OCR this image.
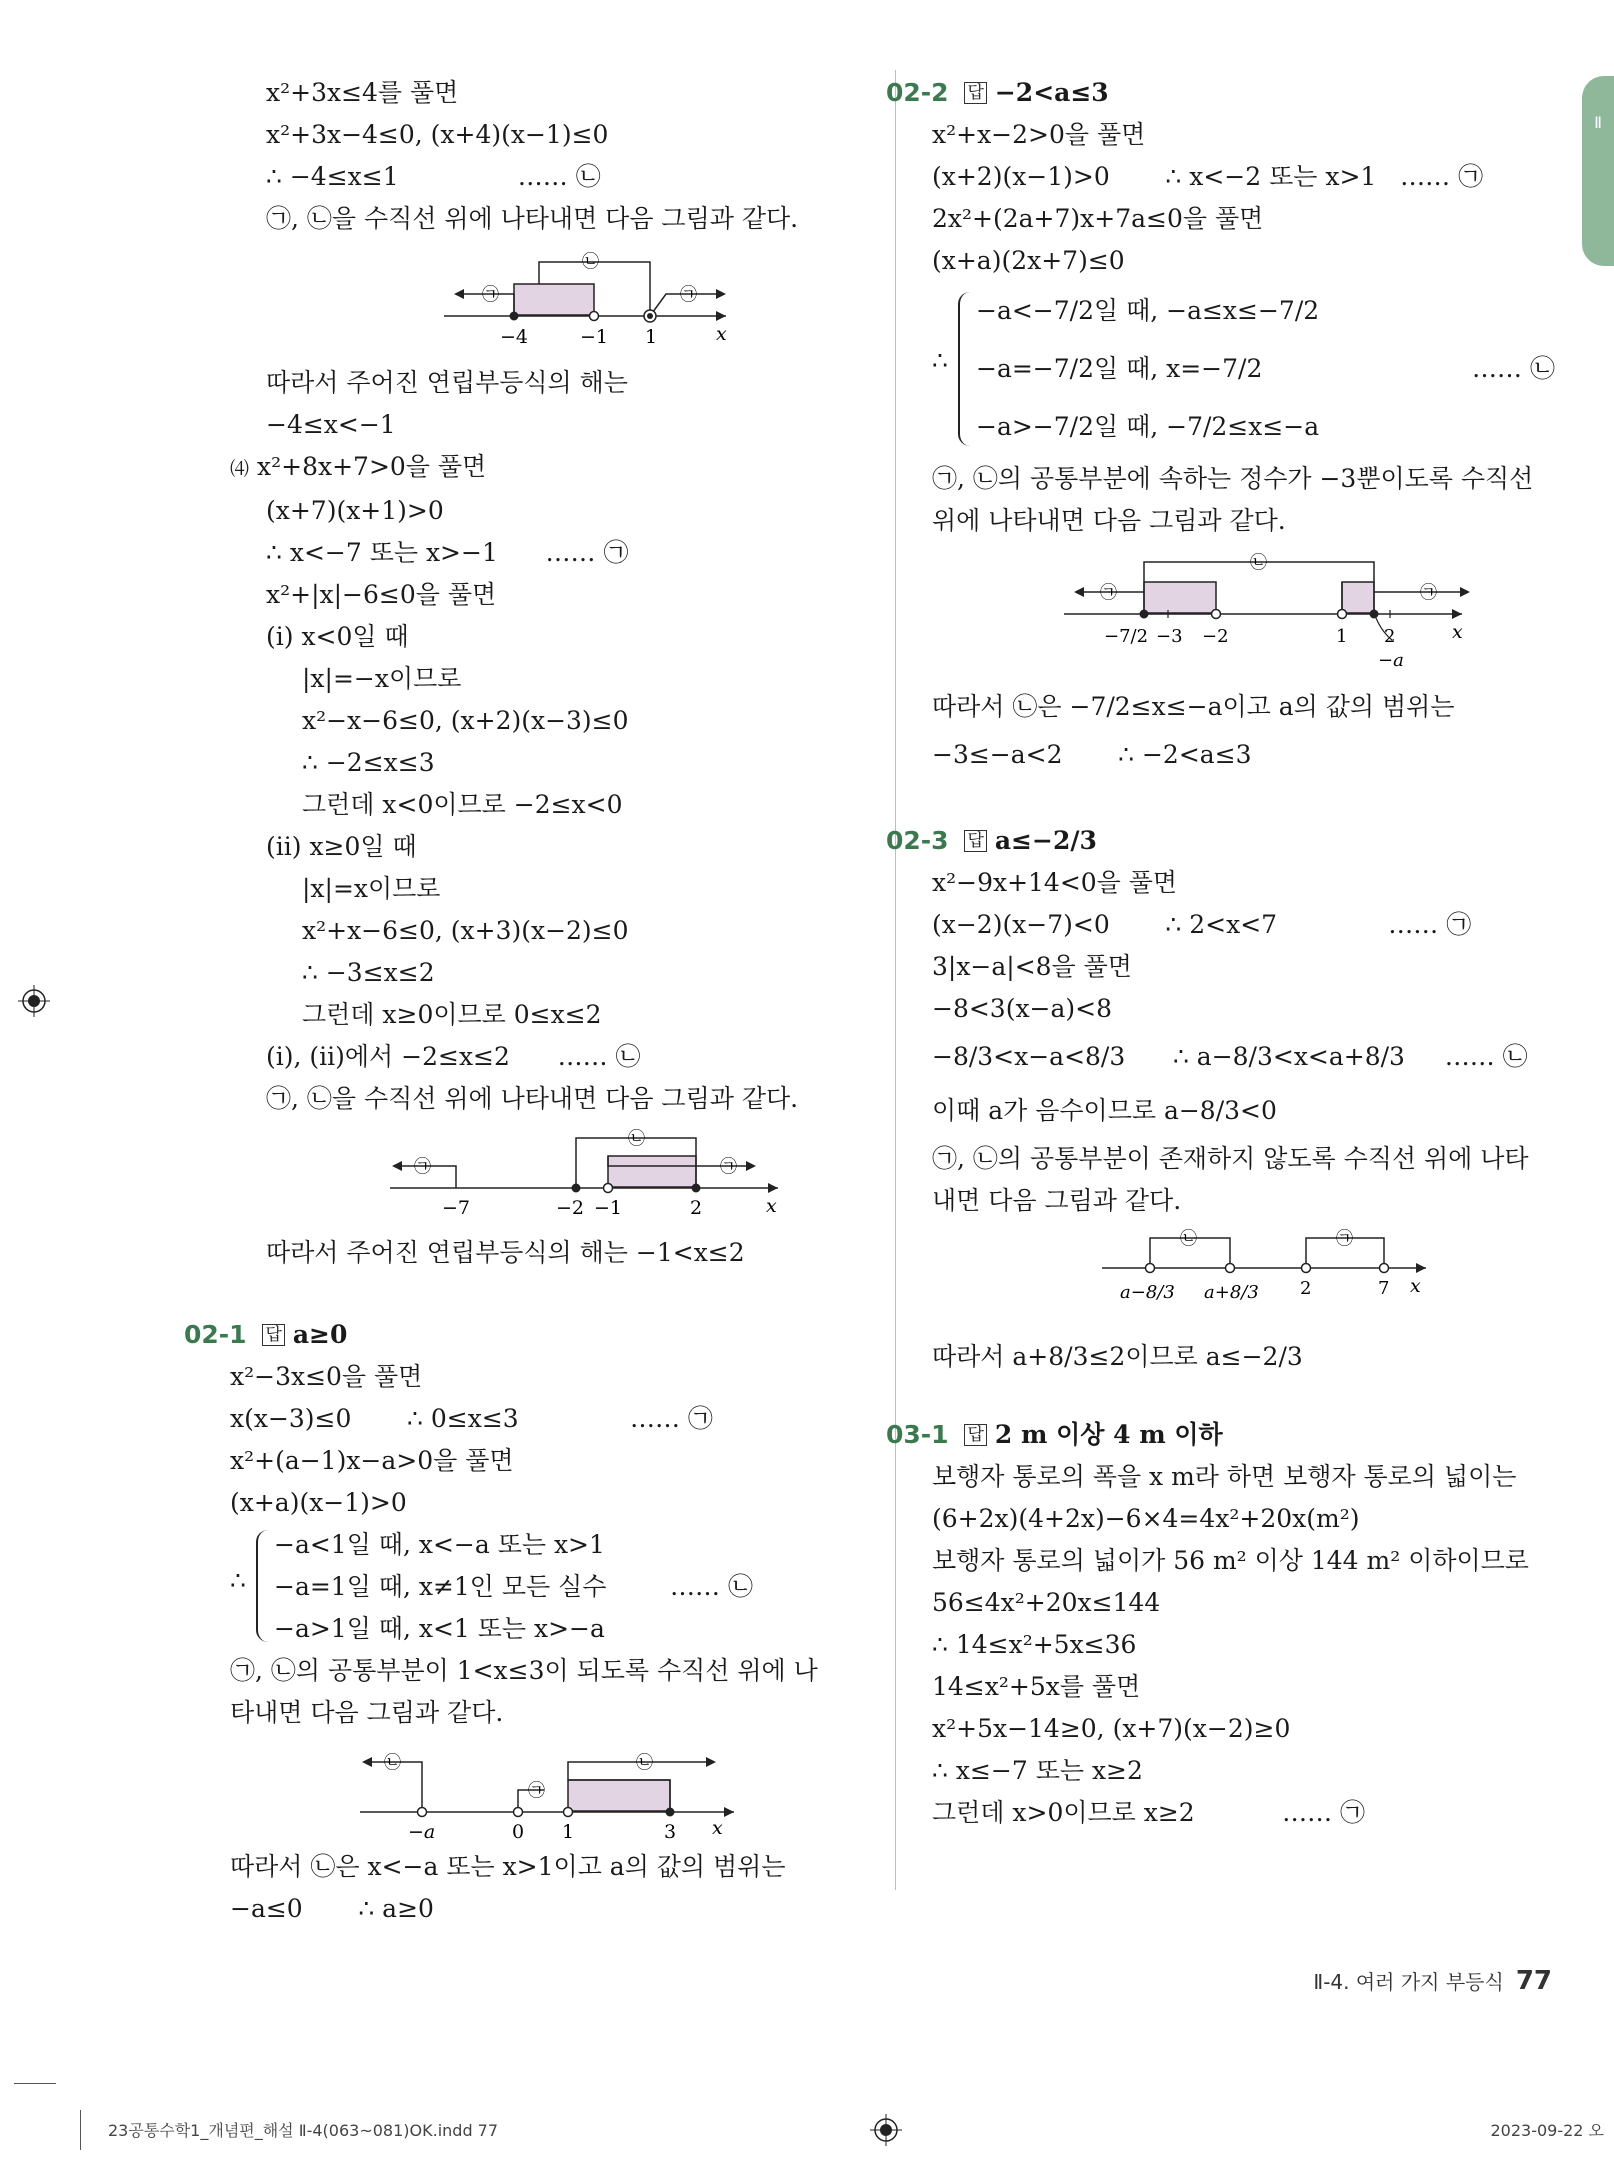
Ⅱ
x²+3x≤4를 풀면
x²+3x−4≤0, (x+4)(x−1)≤0
∴ −4≤x≤1               …… ㉡
㉠, ㉡을 수직선 위에 나타내면 다음 그림과 같다.
㉠
㉡
㉠
−4	−1 1	x
따라서 주어진 연립부등식의 해는
−4≤x<−1
⑷ x²+8x+7>0을 풀면
(x+7)(x+1)>0
∴ x<−7 또는 x>−1      …… ㉠
x²+|x|−6≤0을 풀면
(i) x<0일 때
|x|=−x이므로
x²−x−6≤0, (x+2)(x−3)≤0
∴ −2≤x≤3
그런데 x<0이므로 −2≤x<0
(ii) x≥0일 때
|x|=x이므로
x²+x−6≤0, (x+3)(x−2)≤0
∴ −3≤x≤2
그런데 x≥0이므로 0≤x≤2
(i), (ii)에서 −2≤x≤2      …… ㉡
㉠, ㉡을 수직선 위에 나타내면 다음 그림과 같다.
㉠
㉡
㉠
−7	−2 −1	2	x
따라서 주어진 연립부등식의 해는 −1<x≤2
02-1 답 a≥0
x²−3x≤0을 풀면
x(x−3)≤0       ∴ 0≤x≤3              …… ㉠
x²+(a−1)x−a>0을 풀면
(x+a)(x−1)>0
∴
−a<1일 때, x<−a 또는 x>1
−a=1일 때, x≠1인 모든 실수
−a>1일 때, x<1 또는 x>−a
…… ㉡
㉠, ㉡의 공통부분이 1<x≤3이 되도록 수직선 위에 나
타내면 다음 그림과 같다.
㉡
㉠
㉡
−a	0 1	3 x
따라서 ㉡은 x<−a 또는 x>1이고 a의 값의 범위는
−a≤0       ∴ a≥0
02-2 답 −2<a≤3
x²+x−2>0을 풀면
(x+2)(x−1)>0       ∴ x<−2 또는 x>1   …… ㉠
2x²+(2a+7)x+7a≤0을 풀면
(x+a)(2x+7)≤0
∴
−a<−7/2일 때, −a≤x≤−7/2
−a=−7/2일 때, x=−7/2
−a>−7/2일 때, −7/2≤x≤−a
…… ㉡
㉠, ㉡의 공통부분에 속하는 정수가 −3뿐이도록 수직선
위에 나타내면 다음 그림과 같다.
㉠
㉡
㉠
−7/2 −3 −2	1 2
−a
x
따라서 ㉡은 −7/2≤x≤−a이고 a의 값의 범위는
−3≤−a<2       ∴ −2<a≤3
02-3 답 a≤−2/3
x²−9x+14<0을 풀면
(x−2)(x−7)<0       ∴ 2<x<7              …… ㉠
3|x−a|<8을 풀면
−8<3(x−a)<8
−8/3<x−a<8/3      ∴ a−8/3<x<a+8/3     …… ㉡
이때 a가 음수이므로 a−8/3<0
㉠, ㉡의 공통부분이 존재하지 않도록 수직선 위에 나타
내면 다음 그림과 같다.
㉡	㉠
a−8/3 a+8/3 2	7 x
따라서 a+8/3≤2이므로 a≤−2/3
03-1 답 2 m 이상 4 m 이하
보행자 통로의 폭을 x m라 하면 보행자 통로의 넓이는
(6+2x)(4+2x)−6×4=4x²+20x(m²)
보행자 통로의 넓이가 56 m² 이상 144 m² 이하이므로
56≤4x²+20x≤144
∴ 14≤x²+5x≤36
14≤x²+5x를 풀면
x²+5x−14≥0, (x+7)(x−2)≥0
∴ x≤−7 또는 x≥2
그런데 x>0이므로 x≥2           …… ㉠
Ⅱ-4. 여러 가지 부등식 77
23공통수학1_개념편_해설 Ⅱ-4(063~081)OK.indd 77	2023-09-22 오
